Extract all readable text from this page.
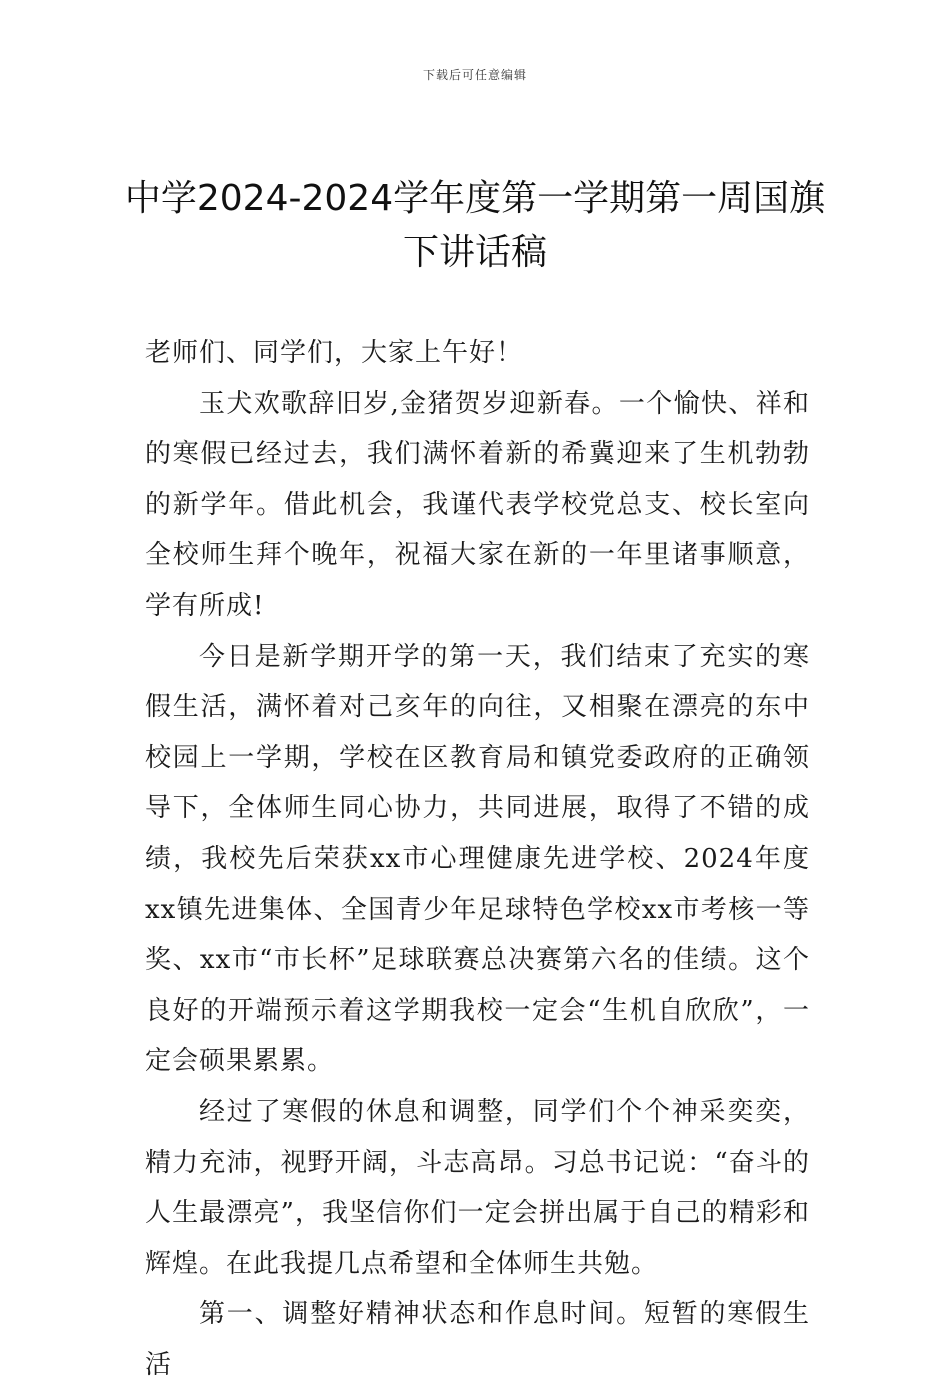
下载后可任意编辑
中学2024-2024学年度第一学期第一周国旗下讲话稿

老师们、同学们，大家上午好！

玉犬欢歌辞旧岁,金猪贺岁迎新春。一个愉快、祥和的寒假已经过去，我们满怀着新的希冀迎来了生机勃勃的新学年。借此机会，我谨代表学校党总支、校长室向全校师生拜个晚年，祝福大家在新的一年里诸事顺意，学有所成!

今日是新学期开学的第一天，我们结束了充实的寒假生活，满怀着对己亥年的向往，又相聚在漂亮的东中校园上一学期，学校在区教育局和镇党委政府的正确领导下，全体师生同心协力，共同进展，取得了不错的成绩，我校先后荣获xx市心理健康先进学校、2024年度xx镇先进集体、全国青少年足球特色学校xx市考核一等奖、xx市“市长杯”足球联赛总决赛第六名的佳绩。这个良好的开端预示着这学期我校一定会“生机自欣欣”，一定会硕果累累。

经过了寒假的休息和调整，同学们个个神采奕奕，精力充沛，视野开阔，斗志高昂。习总书记说：“奋斗的人生最漂亮”，我坚信你们一定会拼出属于自己的精彩和辉煌。在此我提几点希望和全体师生共勉。

第一、调整好精神状态和作息时间。短暂的寒假生活
